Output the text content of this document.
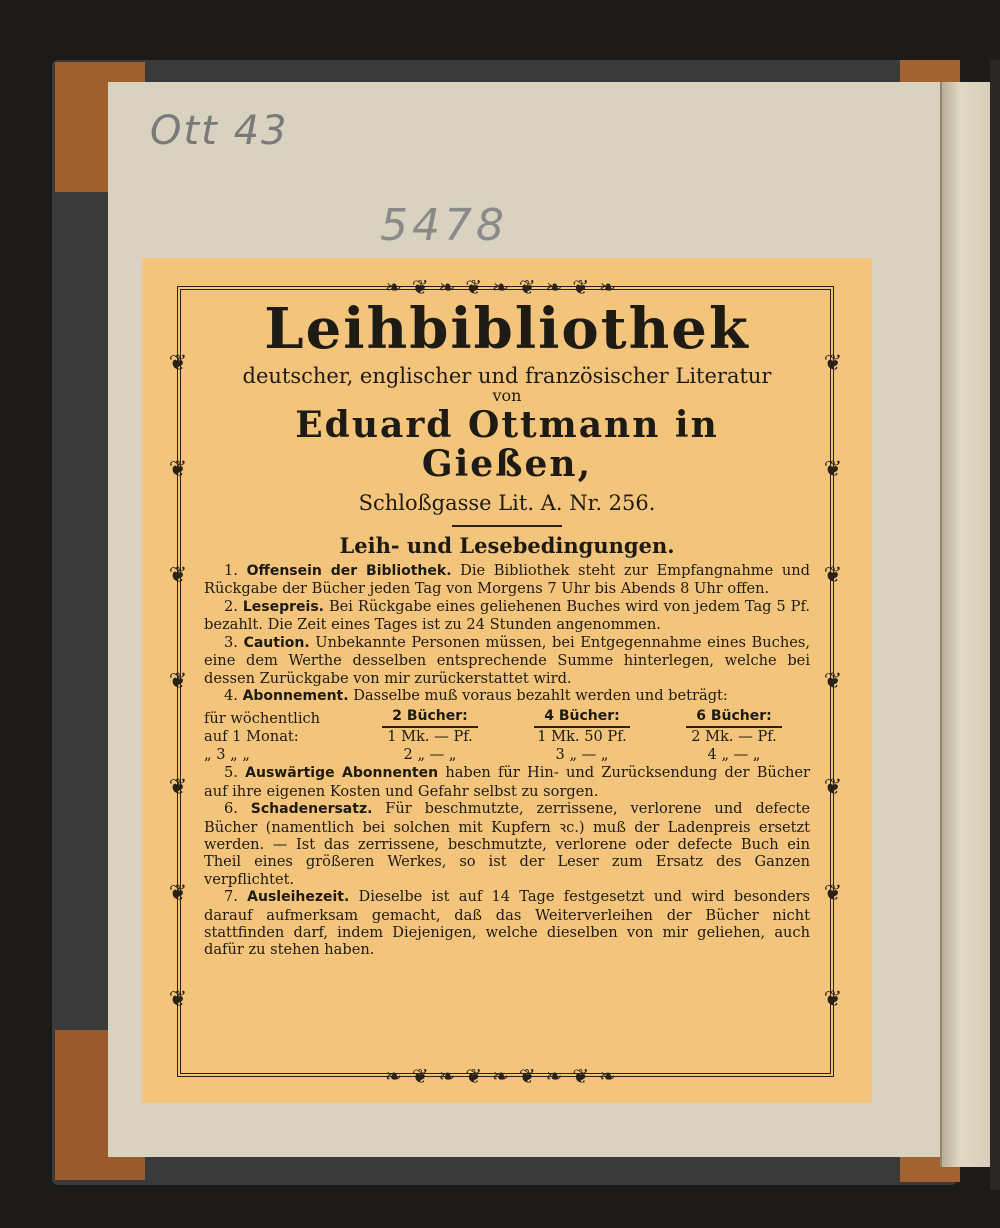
Ott 43
5478
❧❦❧❦❧❦❧❦❧
❧❦❧❦❧❦❧❦❧
❦
❦
❦
❦
❦
❦
❦
❦
❦
❦
❦
❦
❦
❦
Leihbibliothek

deutscher, englischer und französischer Literatur

von

Eduard Ottmann in Gießen,

Schloßgasse Lit. A. Nr. 256.

Leih- und Lesebedingungen.

1. Offensein der Bibliothek. Die Bibliothek steht zur Empfangnahme und Rückgabe der Bücher jeden Tag von Morgens 7 Uhr bis Abends 8 Uhr offen.

2. Lesepreis. Bei Rückgabe eines geliehenen Buches wird von jedem Tag 5 Pf. bezahlt. Die Zeit eines Tages ist zu 24 Stunden angenommen.

3. Caution. Unbekannte Personen müssen, bei Entgegennahme eines Buches, eine dem Werthe desselben entsprechende Summe hinterlegen, welche bei dessen Zurückgabe von mir zurückerstattet wird.

4. Abonnement. Dasselbe muß voraus bezahlt werden und beträgt:

für wöchentlich	2 Bücher:	4 Bücher:	6 Bücher:
auf 1 Monat:	1 Mk. — Pf.	1 Mk. 50 Pf.	2 Mk. — Pf.
„ 3 „ „	2 „ — „	3 „ — „	4 „ — „

5. Auswärtige Abonnenten haben für Hin- und Zurücksendung der Bücher auf ihre eigenen Kosten und Gefahr selbst zu sorgen.

6. Schadenersatz. Für beschmutzte, zerrissene, verlorene und defecte Bücher (namentlich bei solchen mit Kupfern ꝛc.) muß der Ladenpreis ersetzt werden. — Ist das zerrissene, beschmutzte, verlorene oder defecte Buch ein Theil eines größeren Werkes, so ist der Leser zum Ersatz des Ganzen verpflichtet.

7. Ausleihezeit. Dieselbe ist auf 14 Tage festgesetzt und wird besonders darauf aufmerksam gemacht, daß das Weiterverleihen der Bücher nicht stattfinden darf, indem Diejenigen, welche dieselben von mir geliehen, auch dafür zu stehen haben.
